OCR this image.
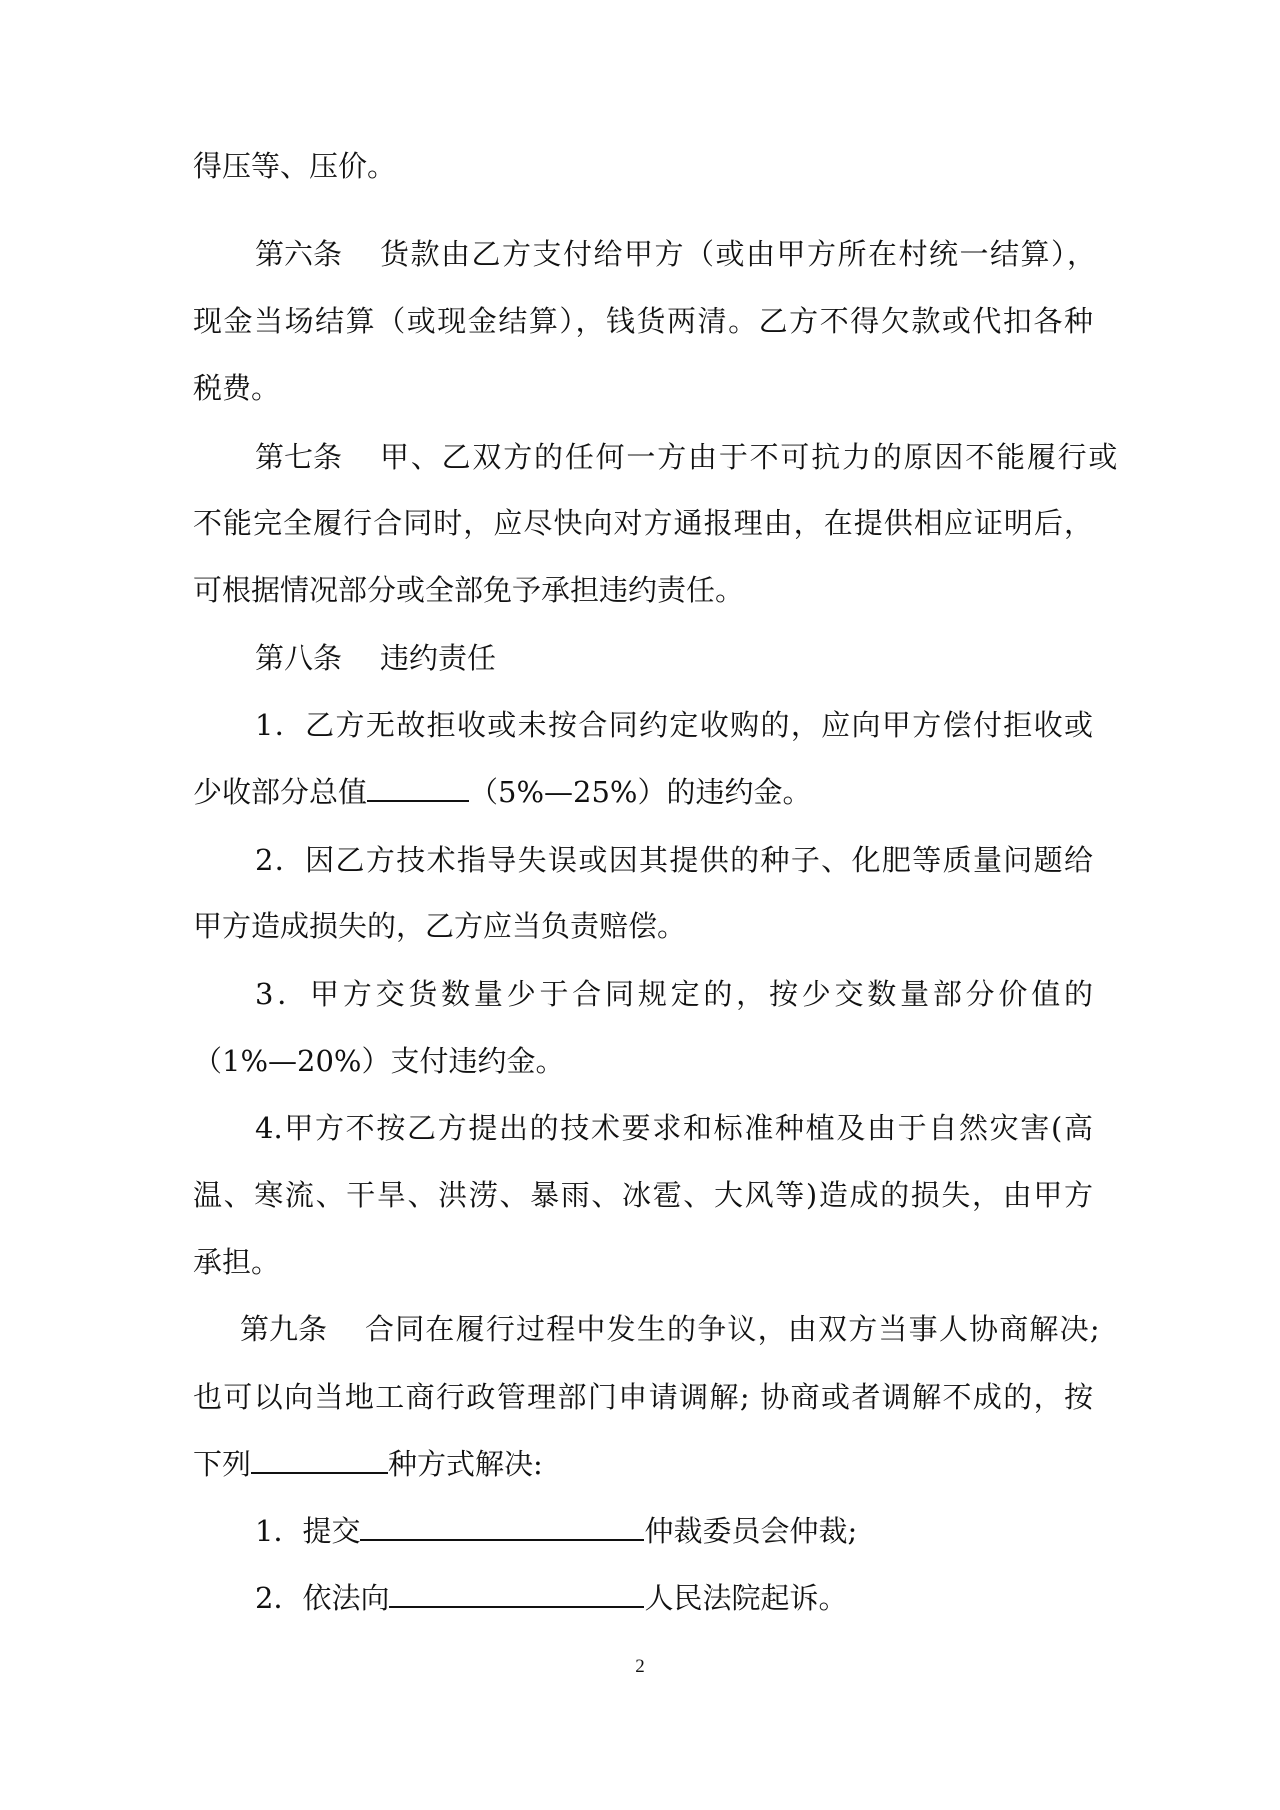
得压等、压价。
第六条 货款由乙方支付给甲方（或由甲方所在村统一结算），
现金当场结算（或现金结算），钱货两清。乙方不得欠款或代扣各种
税费。
第七条 甲、乙双方的任何一方由于不可抗力的原因不能履行或
不能完全履行合同时，应尽快向对方通报理由，在提供相应证明后，
可根据情况部分或全部免予承担违约责任。
第八条 违约责任
1．乙方无故拒收或未按合同约定收购的，应向甲方偿付拒收或
少收部分总值	（5%—25%）的违约金。
2．因乙方技术指导失误或因其提供的种子、化肥等质量问题给
甲方造成损失的，乙方应当负责赔偿。
3．甲方交货数量少于合同规定的，按少交数量部分价值的
（1%—20%）支付违约金。
4.甲方不按乙方提出的技术要求和标准种植及由于自然灾害(高
温、寒流、干旱、洪涝、暴雨、冰雹、大风等)造成的损失，由甲方
承担。
第九条 合同在履行过程中发生的争议，由双方当事人协商解决;
也可以向当地工商行政管理部门申请调解; 协商或者调解不成的，按
下列	种方式解决:
1．提交	仲裁委员会仲裁;
2．依法向	人民法院起诉。
2
